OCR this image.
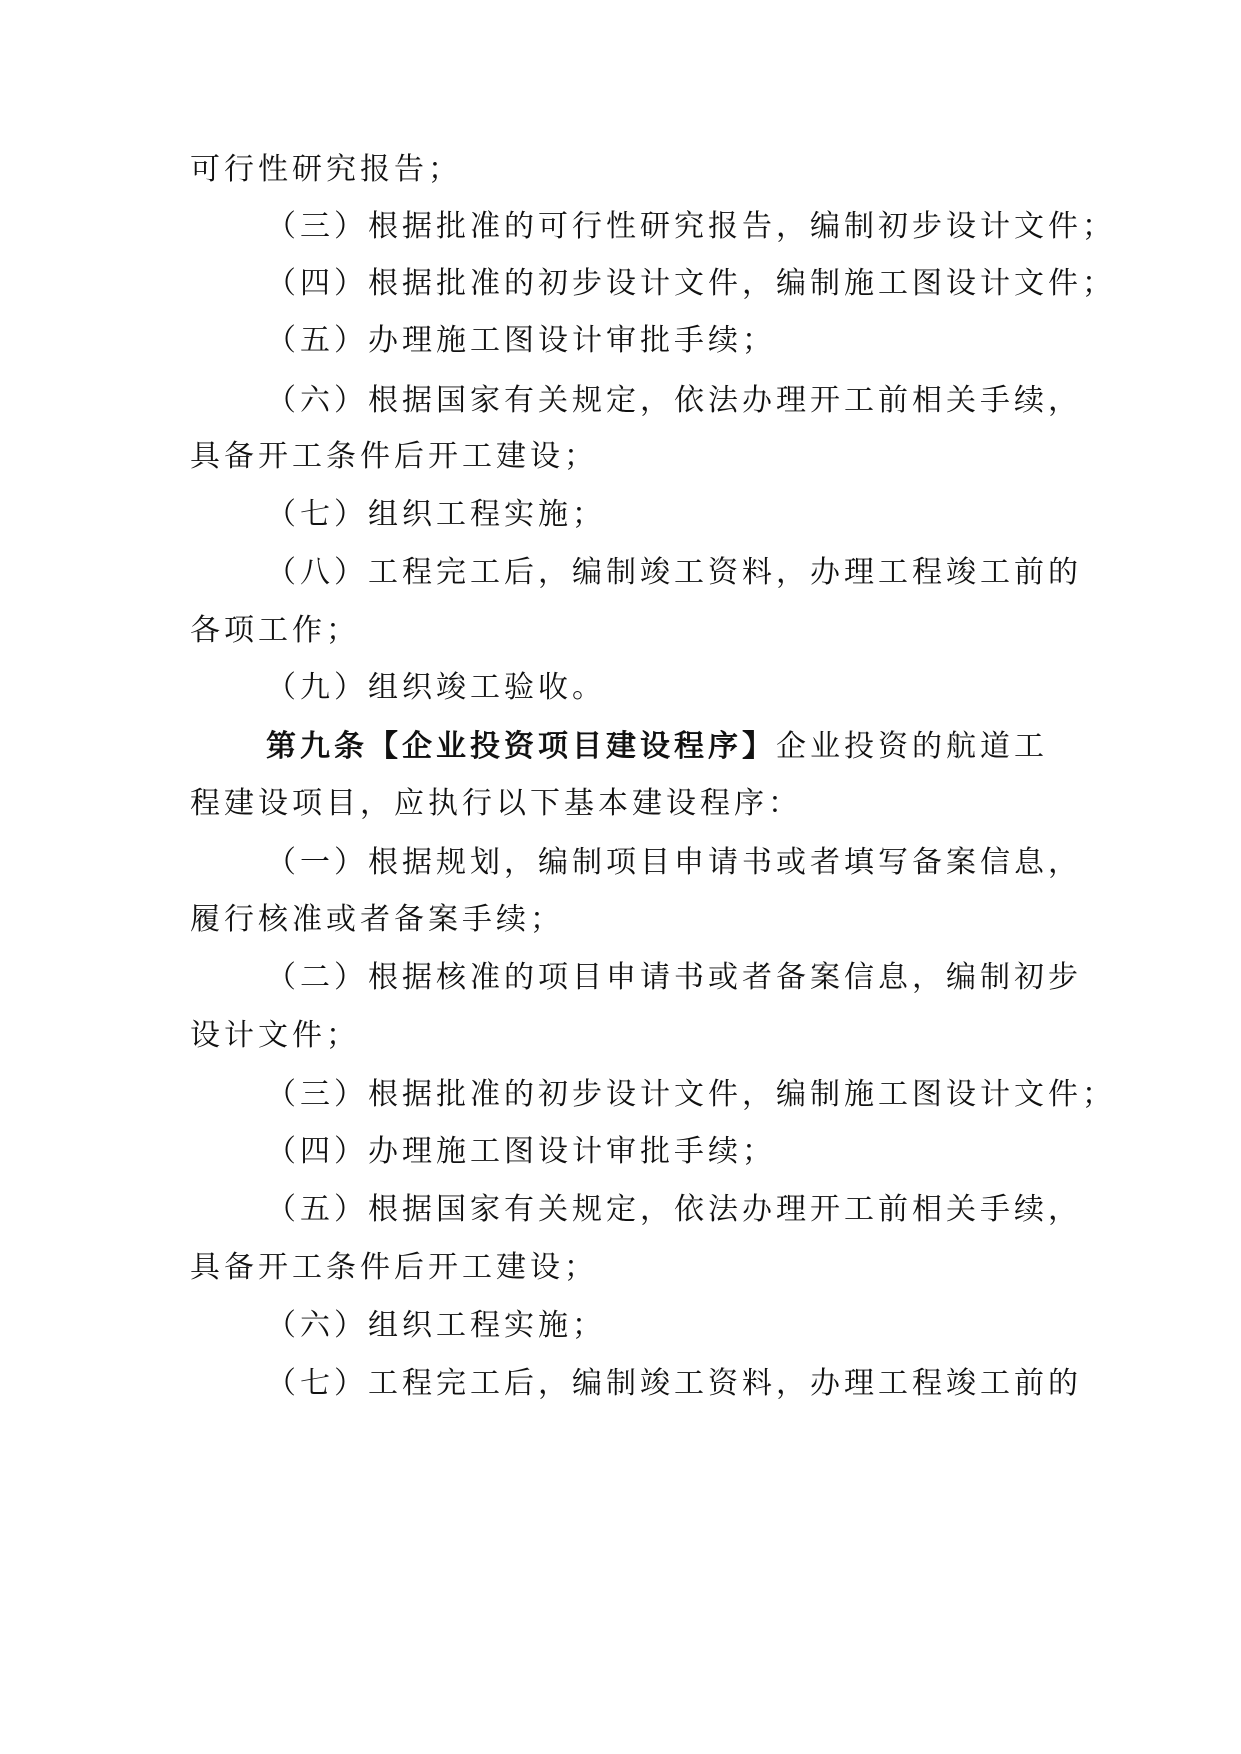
可行性研究报告；
（三）根据批准的可行性研究报告，编制初步设计文件；
（四）根据批准的初步设计文件，编制施工图设计文件；
（五）办理施工图设计审批手续；
（六）根据国家有关规定，依法办理开工前相关手续，
具备开工条件后开工建设；
（七）组织工程实施；
（八）工程完工后，编制竣工资料，办理工程竣工前的
各项工作；
（九）组织竣工验收。
第九条【企业投资项目建设程序】企业投资的航道工
程建设项目，应执行以下基本建设程序：
（一）根据规划，编制项目申请书或者填写备案信息，
履行核准或者备案手续；
（二）根据核准的项目申请书或者备案信息，编制初步
设计文件；
（三）根据批准的初步设计文件，编制施工图设计文件；
（四）办理施工图设计审批手续；
（五）根据国家有关规定，依法办理开工前相关手续，
具备开工条件后开工建设；
（六）组织工程实施；
（七）工程完工后，编制竣工资料，办理工程竣工前的
